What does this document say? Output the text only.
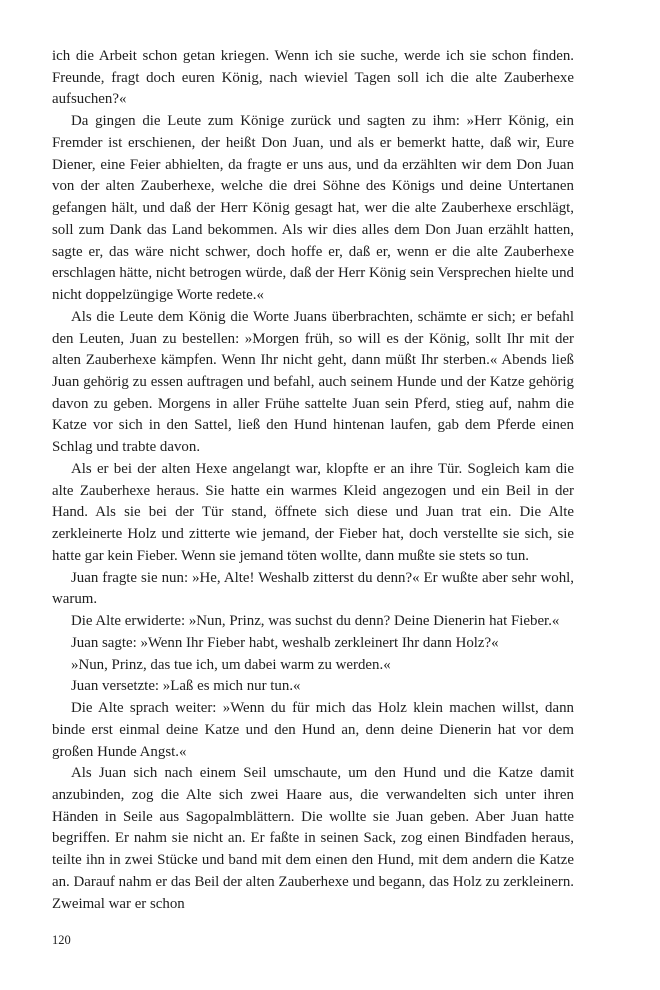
ich die Arbeit schon getan kriegen. Wenn ich sie suche, werde ich sie schon finden. Freunde, fragt doch euren König, nach wieviel Tagen soll ich die alte Zauberhexe aufsuchen?«

Da gingen die Leute zum Könige zurück und sagten zu ihm: »Herr König, ein Fremder ist erschienen, der heißt Don Juan, und als er bemerkt hatte, daß wir, Eure Diener, eine Feier abhielten, da fragte er uns aus, und da erzählten wir dem Don Juan von der alten Zauberhexe, welche die drei Söhne des Königs und deine Untertanen gefangen hält, und daß der Herr König gesagt hat, wer die alte Zauberhexe erschlägt, soll zum Dank das Land bekommen. Als wir dies alles dem Don Juan erzählt hatten, sagte er, das wäre nicht schwer, doch hoffe er, daß er, wenn er die alte Zauberhexe erschlagen hätte, nicht betrogen würde, daß der Herr König sein Versprechen hielte und nicht doppelzüngige Worte redete.«

Als die Leute dem König die Worte Juans überbrachten, schämte er sich; er befahl den Leuten, Juan zu bestellen: »Morgen früh, so will es der König, sollt Ihr mit der alten Zauberhexe kämpfen. Wenn Ihr nicht geht, dann müßt Ihr sterben.« Abends ließ Juan gehörig zu essen auftragen und befahl, auch seinem Hunde und der Katze gehörig davon zu geben. Morgens in aller Frühe sattelte Juan sein Pferd, stieg auf, nahm die Katze vor sich in den Sattel, ließ den Hund hintenan laufen, gab dem Pferde einen Schlag und trabte davon.

Als er bei der alten Hexe angelangt war, klopfte er an ihre Tür. Sogleich kam die alte Zauberhexe heraus. Sie hatte ein warmes Kleid angezogen und ein Beil in der Hand. Als sie bei der Tür stand, öffnete sich diese und Juan trat ein. Die Alte zerkleinerte Holz und zitterte wie jemand, der Fieber hat, doch verstellte sie sich, sie hatte gar kein Fieber. Wenn sie jemand töten wollte, dann mußte sie stets so tun.

Juan fragte sie nun: »He, Alte! Weshalb zitterst du denn?« Er wußte aber sehr wohl, warum.

Die Alte erwiderte: »Nun, Prinz, was suchst du denn? Deine Dienerin hat Fieber.«

Juan sagte: »Wenn Ihr Fieber habt, weshalb zerkleinert Ihr dann Holz?«

»Nun, Prinz, das tue ich, um dabei warm zu werden.«

Juan versetzte: »Laß es mich nur tun.«

Die Alte sprach weiter: »Wenn du für mich das Holz klein machen willst, dann binde erst einmal deine Katze und den Hund an, denn deine Dienerin hat vor dem großen Hunde Angst.«

Als Juan sich nach einem Seil umschaute, um den Hund und die Katze damit anzubinden, zog die Alte sich zwei Haare aus, die verwandelten sich unter ihren Händen in Seile aus Sagopalmblättern. Die wollte sie Juan geben. Aber Juan hatte begriffen. Er nahm sie nicht an. Er faßte in seinen Sack, zog einen Bindfaden heraus, teilte ihn in zwei Stücke und band mit dem einen den Hund, mit dem andern die Katze an. Darauf nahm er das Beil der alten Zauberhexe und begann, das Holz zu zerkleinern. Zweimal war er schon

120
